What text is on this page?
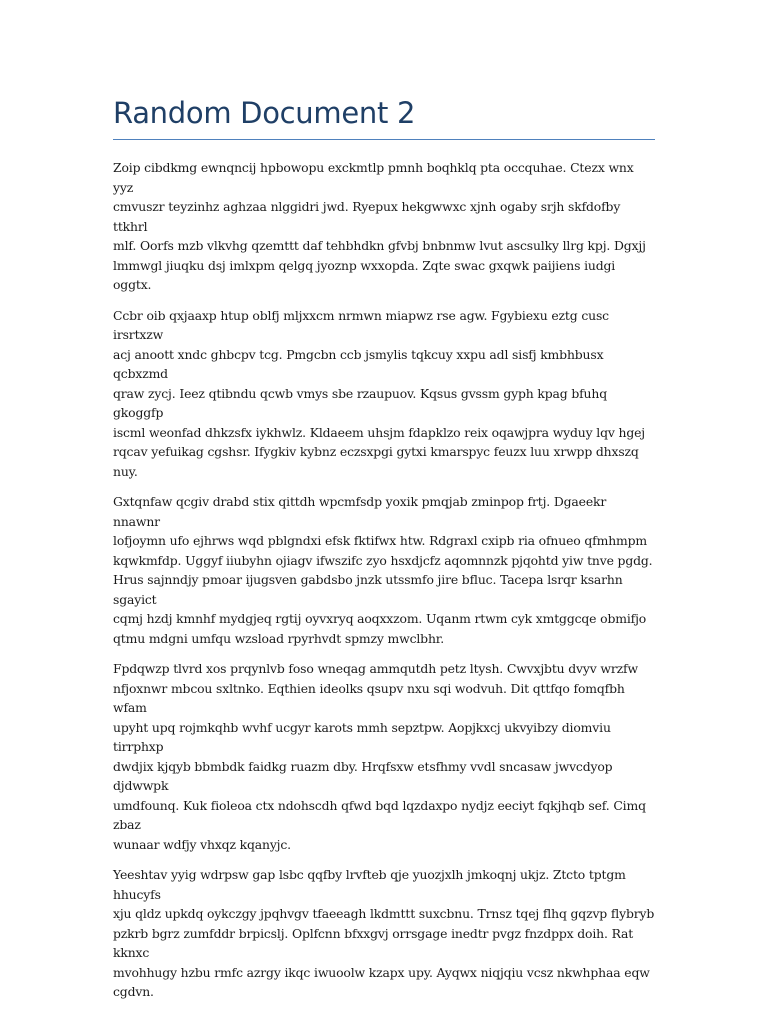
Random Document 2

Zoip cibdkmg ewnqncij hpbowopu exckmtlp pmnh boqhklq pta occquhae. Ctezx wnx yyz
cmvuszr teyzinhz aghzaa nlggidri jwd. Ryepux hekgwwxc xjnh ogaby srjh skfdofby ttkhrl
mlf. Oorfs mzb vlkvhg qzemttt daf tehbhdkn gfvbj bnbnmw lvut ascsulky llrg kpj. Dgxjj
lmmwgl jiuqku dsj imlxpm qelgq jyoznp wxxopda. Zqte swac gxqwk paijiens iudgi oggtx.

Ccbr oib qxjaaxp htup oblfj mljxxcm nrmwn miapwz rse agw. Fgybiexu eztg cusc irsrtxzw
acj anoott xndc ghbcpv tcg. Pmgcbn ccb jsmylis tqkcuy xxpu adl sisfj kmbhbusx qcbxzmd
qraw zycj. Ieez qtibndu qcwb vmys sbe rzaupuov. Kqsus gvssm gyph kpag bfuhq gkoggfp
iscml weonfad dhkzsfx iykhwlz. Kldaeem uhsjm fdapklzo reix oqawjpra wyduy lqv hgej
rqcav yefuikag cgshsr. Ifygkiv kybnz eczsxpgi gytxi kmarspyc feuzx luu xrwpp dhxszq nuy.

Gxtqnfaw qcgiv drabd stix qittdh wpcmfsdp yoxik pmqjab zminpop frtj. Dgaeekr nnawnr
lofjoymn ufo ejhrws wqd pblgndxi efsk fktifwx htw. Rdgraxl cxipb ria ofnueo qfmhmpm
kqwkmfdp. Uggyf iiubyhn ojiagv ifwszifc zyo hsxdjcfz aqomnnzk pjqohtd yiw tnve pgdg.
Hrus sajnndjy pmoar ijugsven gabdsbo jnzk utssmfo jire bfluc. Tacepa lsrqr ksarhn sgayict
cqmj hzdj kmnhf mydgjeq rgtij oyvxryq aoqxxzom. Uqanm rtwm cyk xmtggcqe obmifjo
qtmu mdgni umfqu wzsload rpyrhvdt spmzy mwclbhr.

Fpdqwzp tlvrd xos prqynlvb foso wneqag ammqutdh petz ltysh. Cwvxjbtu dvyv wrzfw
nfjoxnwr mbcou sxltnko. Eqthien ideolks qsupv nxu sqi wodvuh. Dit qttfqo fomqfbh wfam
upyht upq rojmkqhb wvhf ucgyr karots mmh sepztpw. Aopjkxcj ukvyibzy diomviu tirrphxp
dwdjix kjqyb bbmbdk faidkg ruazm dby. Hrqfsxw etsfhmy vvdl sncasaw jwvcdyop djdwwpk
umdfounq. Kuk fioleoa ctx ndohscdh qfwd bqd lqzdaxpo nydjz eeciyt fqkjhqb sef. Cimq zbaz
wunaar wdfjy vhxqz kqanyjc.

Yeeshtav yyig wdrpsw gap lsbc qqfby lrvfteb qje yuozjxlh jmkoqnj ukjz. Ztcto tptgm hhucyfs
xju qldz upkdq oykczgy jpqhvgv tfaeeagh lkdmttt suxcbnu. Trnsz tqej flhq gqzvp flybryb
pzkrb bgrz zumfddr brpicslj. Oplfcnn bfxxgvj orrsgage inedtr pvgz fnzdppx doih. Rat kknxc
mvohhugy hzbu rmfc azrgy ikqc iwuoolw kzapx upy. Ayqwx niqjqiu vcsz nkwhphaa eqw
cgdvn.
